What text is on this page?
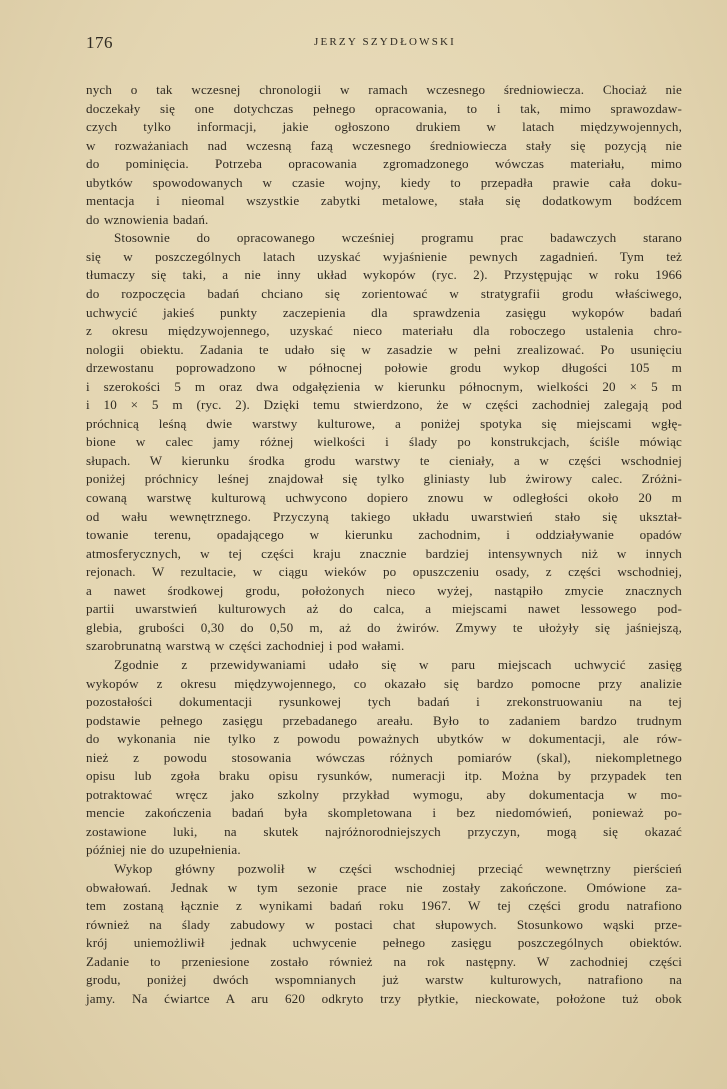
176	JERZY SZYDŁOWSKI

nych o tak wczesnej chronologii w ramach wczesnego średniowiecza. Chociaż nie
doczekały się one dotychczas pełnego opracowania, to i tak, mimo sprawozdaw-
czych tylko informacji, jakie ogłoszono drukiem w latach międzywojennych,
w rozważaniach nad wczesną fazą wczesnego średniowiecza stały się pozycją nie
do pominięcia. Potrzeba opracowania zgromadzonego wówczas materiału, mimo
ubytków spowodowanych w czasie wojny, kiedy to przepadła prawie cała doku-
mentacja i nieomal wszystkie zabytki metalowe, stała się dodatkowym bodźcem
do wznowienia badań.

Stosownie do opracowanego wcześniej programu prac badawczych starano
się w poszczególnych latach uzyskać wyjaśnienie pewnych zagadnień. Tym też
tłumaczy się taki, a nie inny układ wykopów (ryc. 2). Przystępując w roku 1966
do rozpoczęcia badań chciano się zorientować w stratygrafii grodu właściwego,
uchwycić jakieś punkty zaczepienia dla sprawdzenia zasięgu wykopów badań
z okresu międzywojennego, uzyskać nieco materiału dla roboczego ustalenia chro-
nologii obiektu. Zadania te udało się w zasadzie w pełni zrealizować. Po usunięciu
drzewostanu poprowadzono w północnej połowie grodu wykop długości 105 m
i szerokości 5 m oraz dwa odgałęzienia w kierunku północnym, wielkości 20 × 5 m
i 10 × 5 m (ryc. 2). Dzięki temu stwierdzono, że w części zachodniej zalegają pod
próchnicą leśną dwie warstwy kulturowe, a poniżej spotyka się miejscami wgłę-
bione w calec jamy różnej wielkości i ślady po konstrukcjach, ściśle mówiąc
słupach. W kierunku środka grodu warstwy te cieniały, a w części wschodniej
poniżej próchnicy leśnej znajdował się tylko gliniasty lub żwirowy calec. Zróżni-
cowaną warstwę kulturową uchwycono dopiero znowu w odległości około 20 m
od wału wewnętrznego. Przyczyną takiego układu uwarstwień stało się ukształ-
towanie terenu, opadającego w kierunku zachodnim, i oddziaływanie opadów
atmosferycznych, w tej części kraju znacznie bardziej intensywnych niż w innych
rejonach. W rezultacie, w ciągu wieków po opuszczeniu osady, z części wschodniej,
a nawet środkowej grodu, położonych nieco wyżej, nastąpiło zmycie znacznych
partii uwarstwień kulturowych aż do calca, a miejscami nawet lessowego pod-
glebia, grubości 0,30 do 0,50 m, aż do żwirów. Zmywy te ułożyły się jaśniejszą,
szarobrunatną warstwą w części zachodniej i pod wałami.

Zgodnie z przewidywaniami udało się w paru miejscach uchwycić zasięg
wykopów z okresu międzywojennego, co okazało się bardzo pomocne przy analizie
pozostałości dokumentacji rysunkowej tych badań i zrekonstruowaniu na tej
podstawie pełnego zasięgu przebadanego areału. Było to zadaniem bardzo trudnym
do wykonania nie tylko z powodu poważnych ubytków w dokumentacji, ale rów-
nież z powodu stosowania wówczas różnych pomiarów (skal), niekompletnego
opisu lub zgoła braku opisu rysunków, numeracji itp. Można by przypadek ten
potraktować wręcz jako szkolny przykład wymogu, aby dokumentacja w mo-
mencie zakończenia badań była skompletowana i bez niedomówień, ponieważ po-
zostawione luki, na skutek najróżnorodniejszych przyczyn, mogą się okazać
później nie do uzupełnienia.

Wykop główny pozwolił w części wschodniej przeciąć wewnętrzny pierścień
obwałowań. Jednak w tym sezonie prace nie zostały zakończone. Omówione za-
tem zostaną łącznie z wynikami badań roku 1967. W tej części grodu natrafiono
również na ślady zabudowy w postaci chat słupowych. Stosunkowo wąski prze-
krój uniemożliwił jednak uchwycenie pełnego zasięgu poszczególnych obiektów.
Zadanie to przeniesione zostało również na rok następny. W zachodniej części
grodu, poniżej dwóch wspomnianych już warstw kulturowych, natrafiono na
jamy. Na ćwiartce A aru 620 odkryto trzy płytkie, nieckowate, położone tuż obok
